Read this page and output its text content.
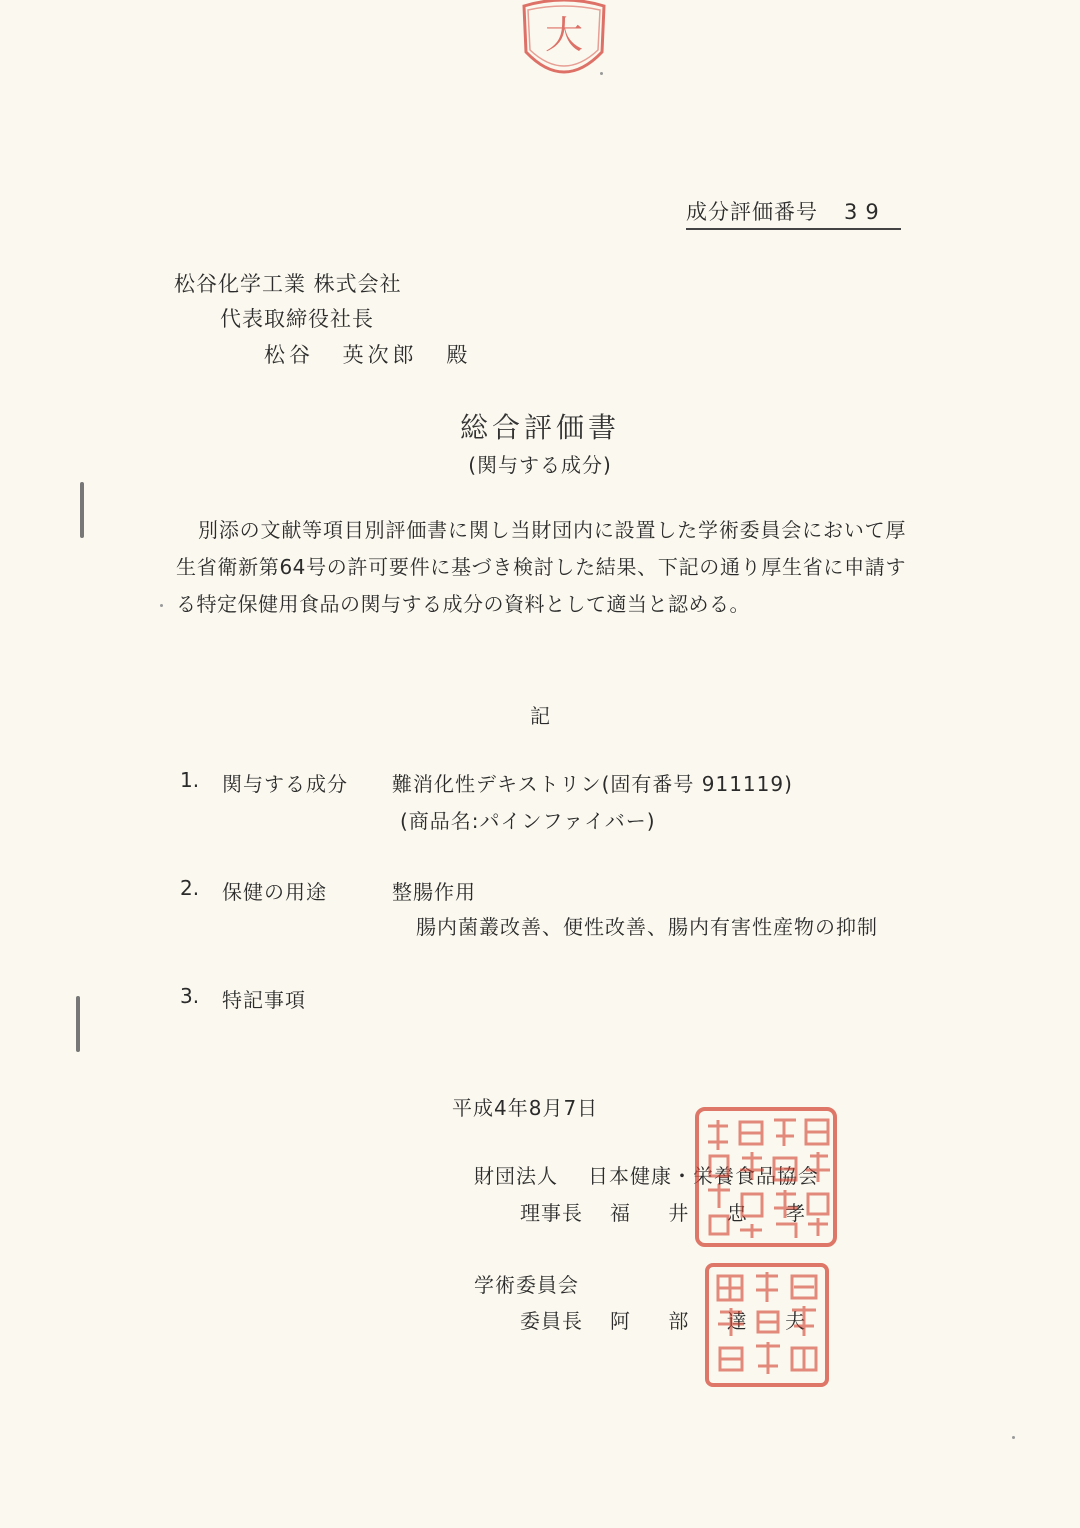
大
成分評価番号 39
松谷化学工業 株式会社
代表取締役社長
松谷 英次郎 殿
総合評価書
(関与する成分)
別添の文献等項目別評価書に関し当財団内に設置した学術委員会において厚生省衛新第64号の許可要件に基づき検討した結果、下記の通り厚生省に申請する特定保健用食品の関与する成分の資料として適当と認める。
記
1. 関与する成分 難消化性デキストリン(固有番号 911119)
(商品名:パインファイバー)
2. 保健の用途	整腸作用
腸内菌叢改善、便性改善、腸内有害性産物の抑制
3. 特記事項
平成4年8月7日
財団法人 日本健康・栄養食品協会
理事長 福 井 忠 孝
学術委員会
委員長 阿 部 達 夫
